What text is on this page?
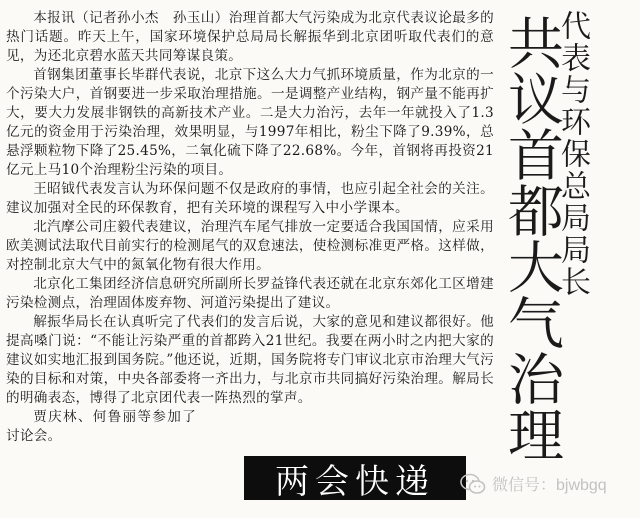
本报讯（记者孙小杰　孙玉山）治理首都大气污染成为北京代表议论最多的热门话题。昨天上午，国家环境保护总局局长解振华到北京团听取代表们的意见，为还北京碧水蓝天共同筹谋良策。

首钢集团董事长毕群代表说，北京下这么大力气抓环境质量，作为北京的一个污染大户，首钢要进一步采取治理措施。一是调整产业结构，钢产量不能再扩大，要大力发展非钢铁的高新技术产业。二是大力治污，去年一年就投入了1.3亿元的资金用于污染治理，效果明显，与1997年相比，粉尘下降了9.39%，总悬浮颗粒物下降了25.45%，二氧化硫下降了22.68%。今年，首钢将再投资21亿元上马10个治理粉尘污染的项目。

王昭钺代表发言认为环保问题不仅是政府的事情，也应引起全社会的关注。建议加强对全民的环保教育，把有关环境的课程写入中小学课本。

北汽摩公司庄毅代表建议，治理汽车尾气排放一定要适合我国国情，应采用欧美测试法取代目前实行的检测尾气的双怠速法，使检测标准更严格。这样做，对控制北京大气中的氮氧化物有很大作用。

北京化工集团经济信息研究所副所长罗益锋代表还就在北京东郊化工区增建污染检测点，治理固体废弃物、河道污染提出了建议。

解振华局长在认真听完了代表们的发言后说，大家的意见和建议都很好。他提高嗓门说：“不能让污染严重的首都跨入21世纪。我要在两小时之内把大家的建议如实地汇报到国务院。”他还说，近期，国务院将专门审议北京市治理大气污染的目标和对策，中央各部委将一齐出力，与北京市共同搞好污染治理。解局长的明确表态，博得了北京团代表一阵热烈的掌声。

贾庆林、何鲁丽等参加了讨论会。

代表与环保总局局长
共议首都大气治理
两会快递	微信号：bjwbgq
